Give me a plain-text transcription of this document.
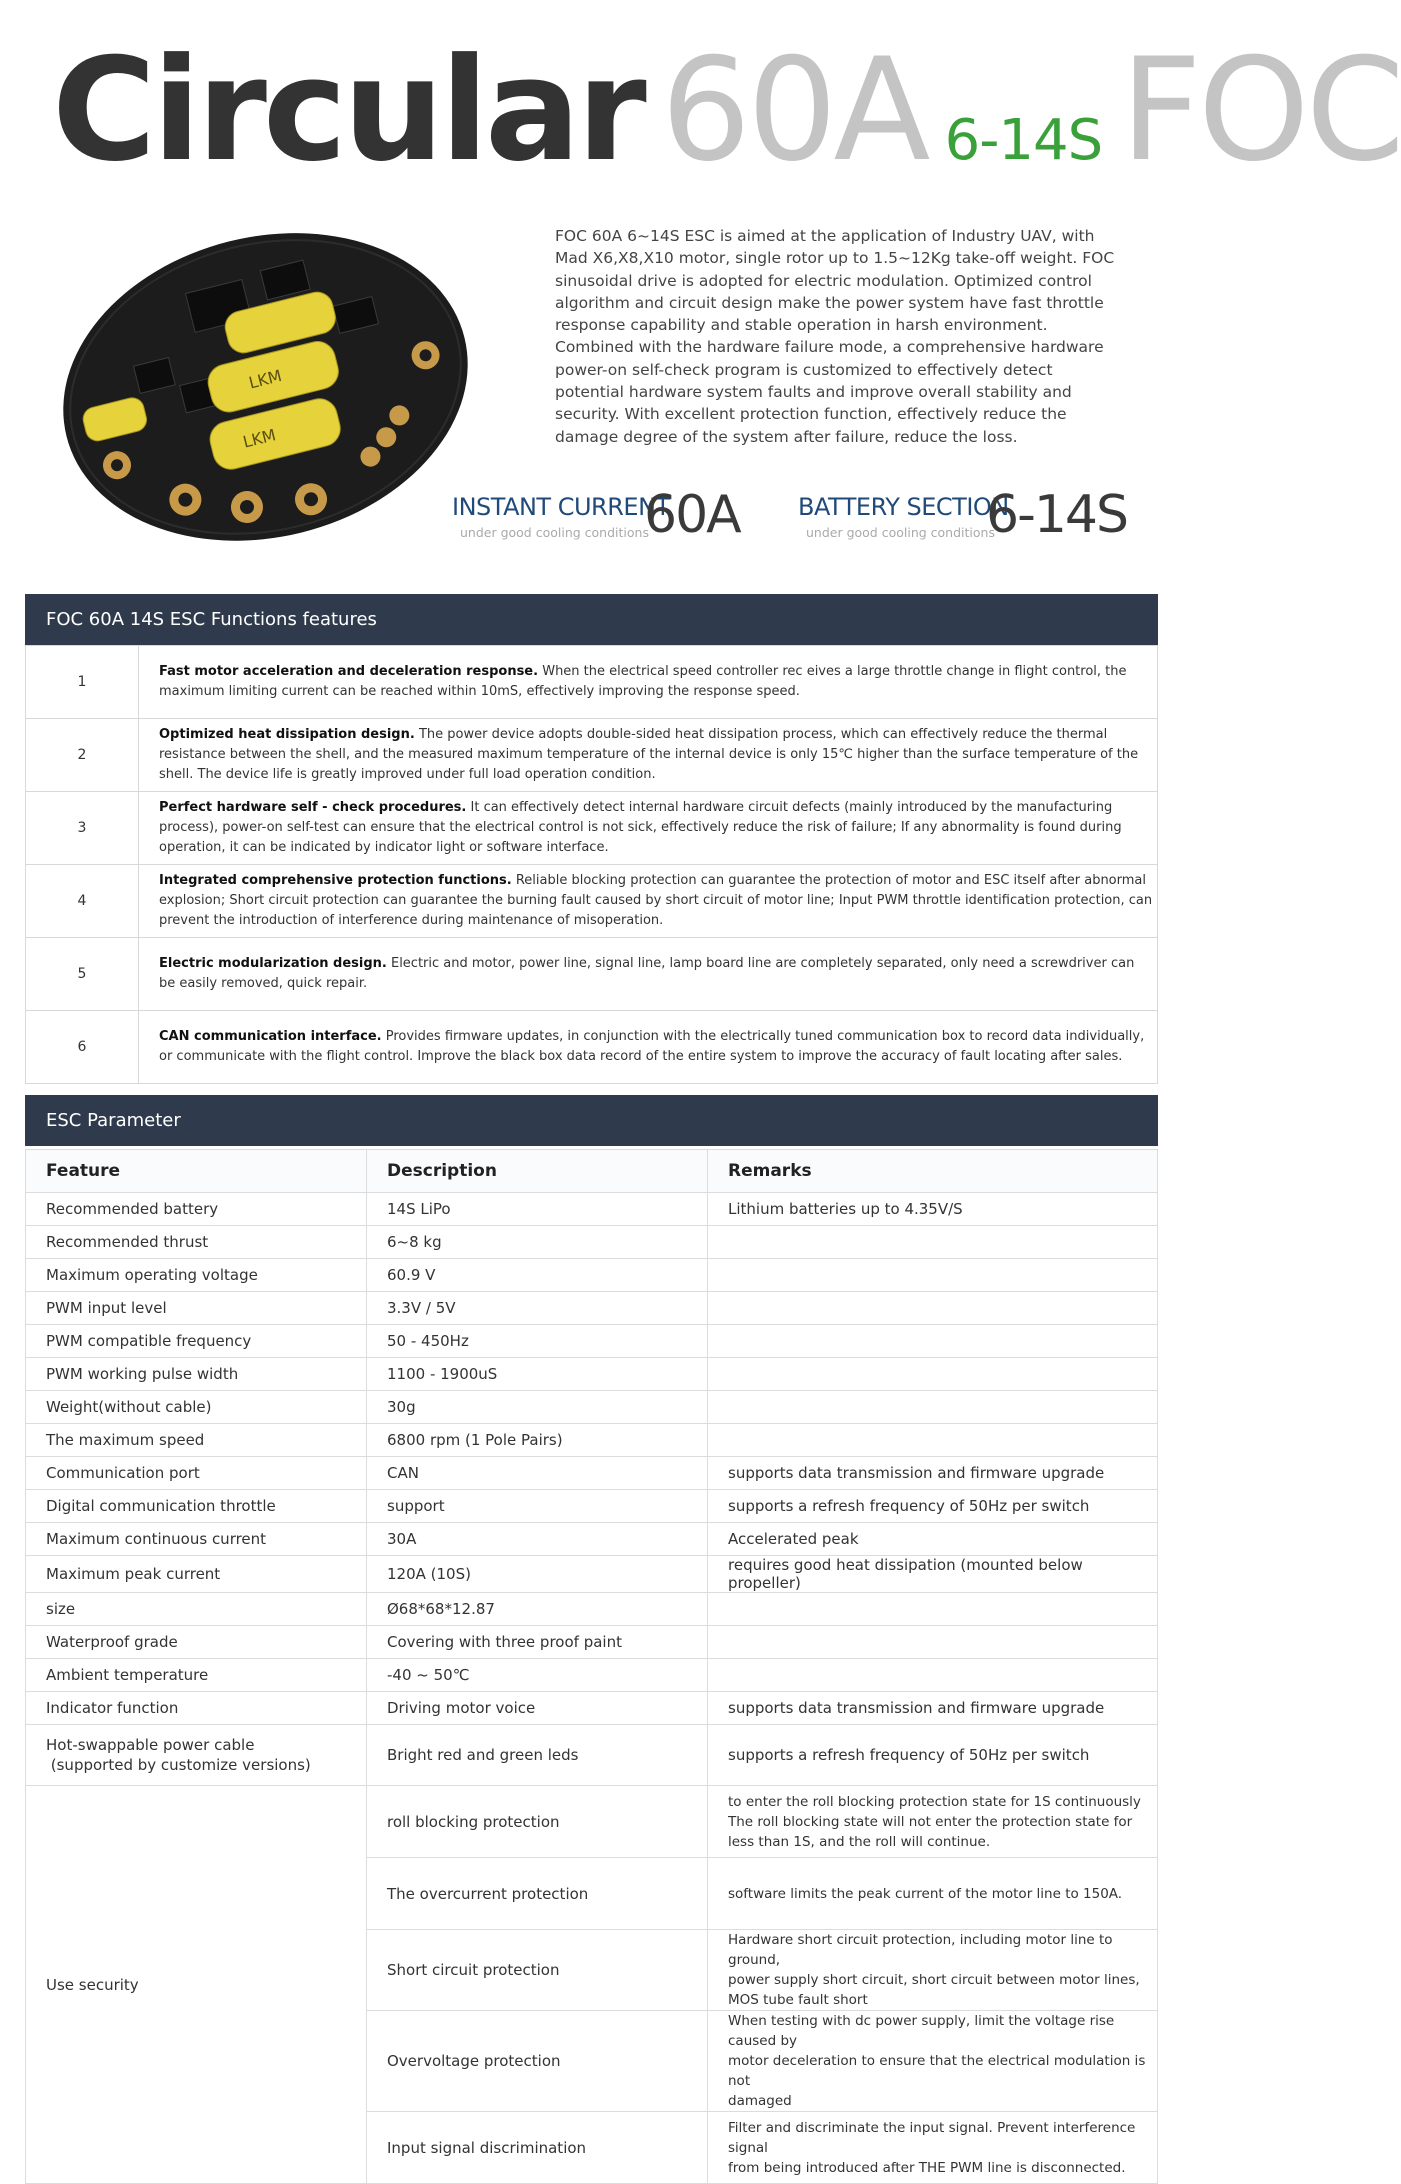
Circular 60A 6-14S FOC
LKM
LKM
FOC 60A 6~14S ESC is aimed at the application of Industry UAV, with Mad X6,X8,X10 motor, single rotor up to 1.5~12Kg take-off weight. FOC sinusoidal drive is adopted for electric modulation. Optimized control algorithm and circuit design make the power system have fast throttle response capability and stable operation in harsh environment. Combined with the hardware failure mode, a comprehensive hardware power-on self-check program is customized to effectively detect potential hardware system faults and improve overall stability and security. With excellent protection function, effectively reduce the damage degree of the system after failure, reduce the loss.
INSTANT CURRENT
under good cooling conditions
60A BATTERY SECTION
under good cooling conditions
6-14S
FOC 60A 14S ESC Functions features
1	Fast motor acceleration and deceleration response. When the electrical speed controller rec eives a large throttle change in flight control, the maximum limiting current can be reached within 10mS, effectively improving the response speed.
2	Optimized heat dissipation design. The power device adopts double-sided heat dissipation process, which can effectively reduce the thermal resistance between the shell, and the measured maximum temperature of the internal device is only 15℃ higher than the surface temperature of the shell. The device life is greatly improved under full load operation condition.
3	Perfect hardware self - check procedures. It can effectively detect internal hardware circuit defects (mainly introduced by the manufacturing process), power-on self-test can ensure that the electrical control is not sick, effectively reduce the risk of failure; If any abnormality is found during operation, it can be indicated by indicator light or software interface.
4	Integrated comprehensive protection functions. Reliable blocking protection can guarantee the protection of motor and ESC itself after abnormal explosion; Short circuit protection can guarantee the burning fault caused by short circuit of motor line; Input PWM throttle identification protection, can prevent the introduction of interference during maintenance of misoperation.
5	Electric modularization design. Electric and motor, power line, signal line, lamp board line are completely separated, only need a screwdriver can be easily removed, quick repair.
6	CAN communication interface. Provides firmware updates, in conjunction with the electrically tuned communication box to record data individually, or communicate with the flight control. Improve the black box data record of the entire system to improve the accuracy of fault locating after sales.
ESC Parameter
Feature	Description	Remarks
Recommended battery	14S LiPo	Lithium batteries up to 4.35V/S
Recommended thrust	6~8 kg	
Maximum operating voltage	60.9 V	
PWM input level	3.3V / 5V	
PWM compatible frequency	50 - 450Hz	
PWM working pulse width	1100 - 1900uS	
Weight(without cable)	30g	
The maximum speed	6800 rpm (1 Pole Pairs)	
Communication port	CAN	supports data transmission and firmware upgrade
Digital communication throttle	support	supports a refresh frequency of 50Hz per switch
Maximum continuous current	30A	Accelerated peak
Maximum peak current	120A (10S)	requires good heat dissipation (mounted below propeller)
size	Ø68*68*12.87	
Waterproof grade	Covering with three proof paint	
Ambient temperature	-40 ~ 50℃	
Indicator function	Driving motor voice	supports data transmission and firmware upgrade

Hot-swappable power cable
(supported by customize versions)	Bright red and green leds	supports a refresh frequency of 50Hz per switch
Use security	roll blocking protection	to enter the roll blocking protection state for 1S continuously
The roll blocking state will not enter the protection state for
less than 1S, and the roll will continue.
	The overcurrent protection	software limits the peak current of the motor line to 150A.
	Short circuit protection	Hardware short circuit protection, including motor line to ground,
power supply short circuit, short circuit between motor lines,
MOS tube fault short
	Overvoltage protection	When testing with dc power supply, limit the voltage rise caused by
motor deceleration to ensure that the electrical modulation is not
damaged
	Input signal discrimination	Filter and discriminate the input signal. Prevent interference signal
from being introduced after THE PWM line is disconnected.
